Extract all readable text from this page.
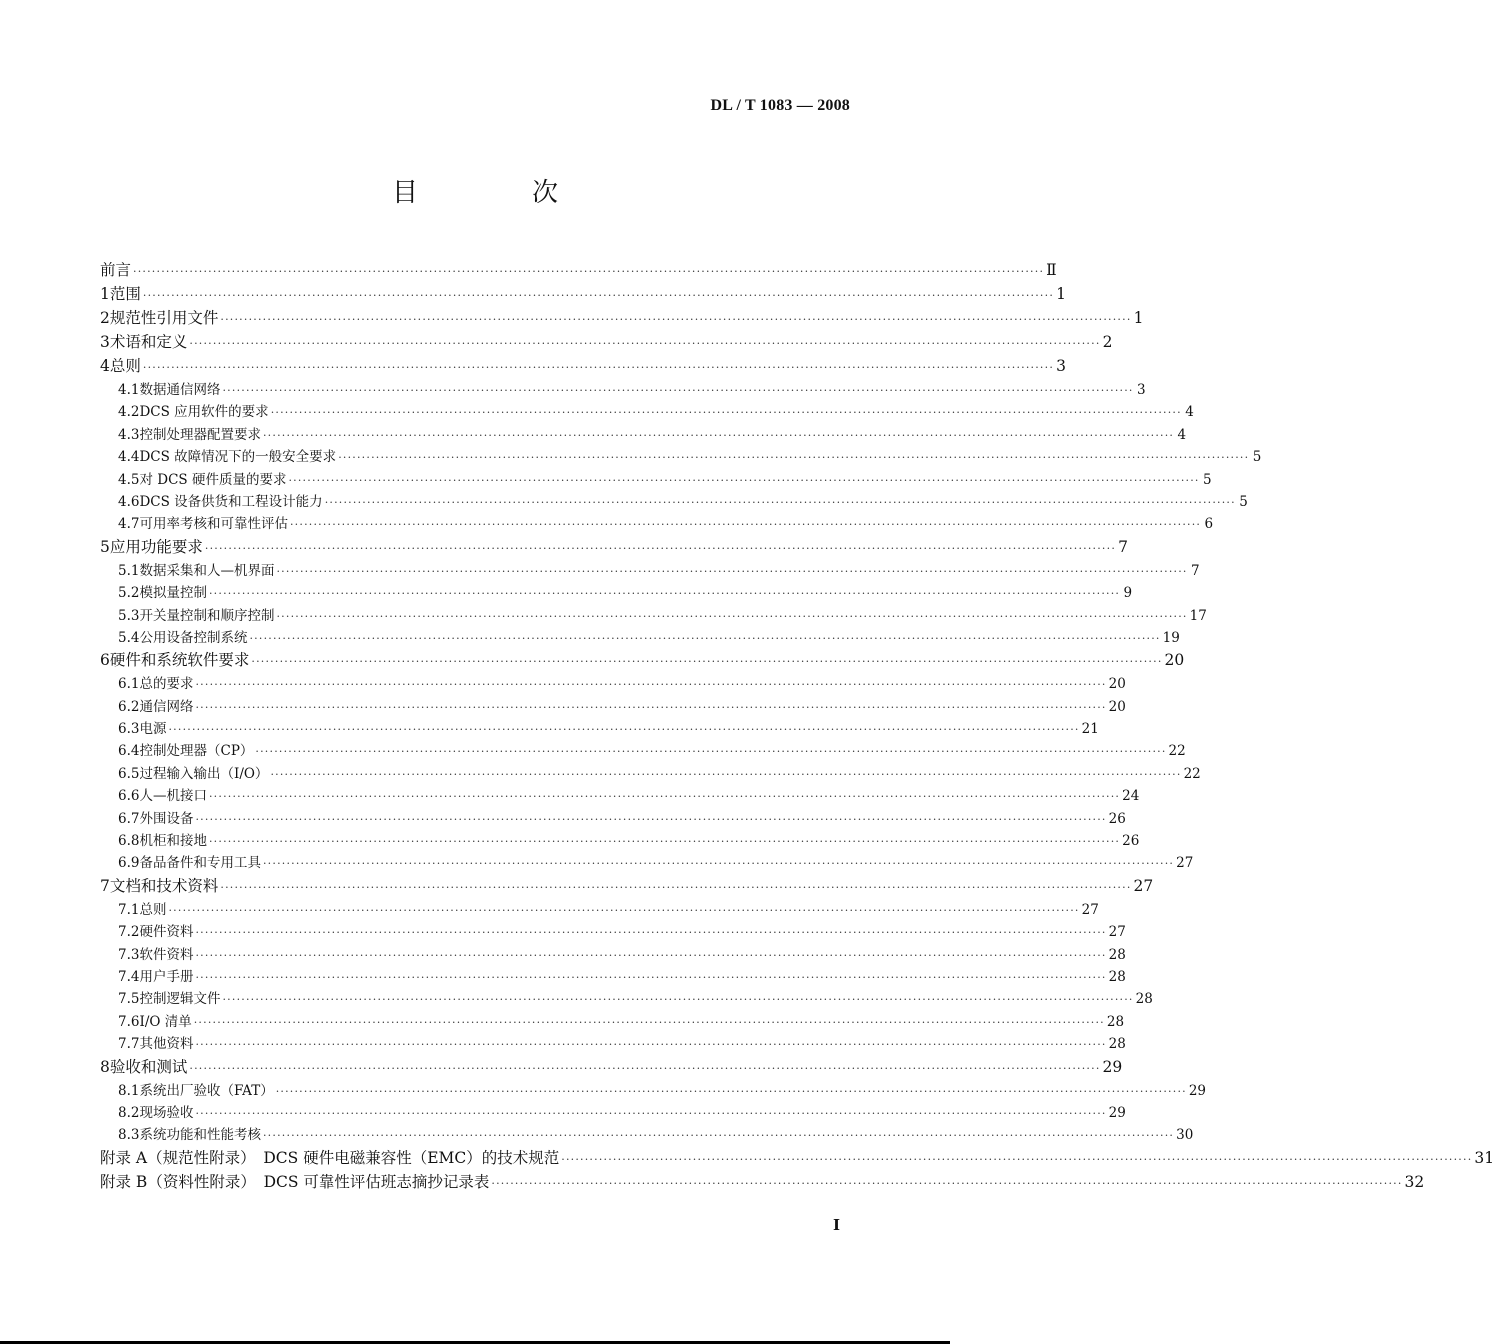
DL / T 1083 — 2008
目　次
前言 ·····	Ⅱ
1 范围 ·····	1
2 规范性引用文件 ·····	1
3 术语和定义 ·····	2
4 总则 ·····	3
4.1 数据通信网络 ·····	3
4.2 DCS 应用软件的要求 ·····	4
4.3 控制处理器配置要求 ·····	4
4.4 DCS 故障情况下的一般安全要求 ·····	5
4.5 对 DCS 硬件质量的要求 ·····	5
4.6 DCS 设备供货和工程设计能力 ·····	5
4.7 可用率考核和可靠性评估 ·····	6
5 应用功能要求 ·····	7
5.1 数据采集和人—机界面 ·····	7
5.2 模拟量控制 ·····	9
5.3 开关量控制和顺序控制 ·····	17
5.4 公用设备控制系统 ·····	19
6 硬件和系统软件要求 ·····	20
6.1 总的要求 ·····	20
6.2 通信网络 ·····	20
6.3 电源 ·····	21
6.4 控制处理器（CP） ·····	22
6.5 过程输入输出（I/O） ·····	22
6.6 人—机接口 ·····	24
6.7 外围设备 ·····	26
6.8 机柜和接地 ·····	26
6.9 备品备件和专用工具 ·····	27
7 文档和技术资料 ·····	27
7.1 总则 ·····	27
7.2 硬件资料 ·····	27
7.3 软件资料 ·····	28
7.4 用户手册 ·····	28
7.5 控制逻辑文件 ·····	28
7.6 I/O 清单 ·····	28
7.7 其他资料 ·····	28
8 验收和测试 ·····	29
8.1 系统出厂验收（FAT） ·····	29
8.2 现场验收 ·····	29
8.3 系统功能和性能考核 ·····	30
附录 A（规范性附录）　DCS 硬件电磁兼容性（EMC）的技术规范 ·····	31
附录 B（资料性附录）　DCS 可靠性评估班志摘抄记录表 ·····	32
I
